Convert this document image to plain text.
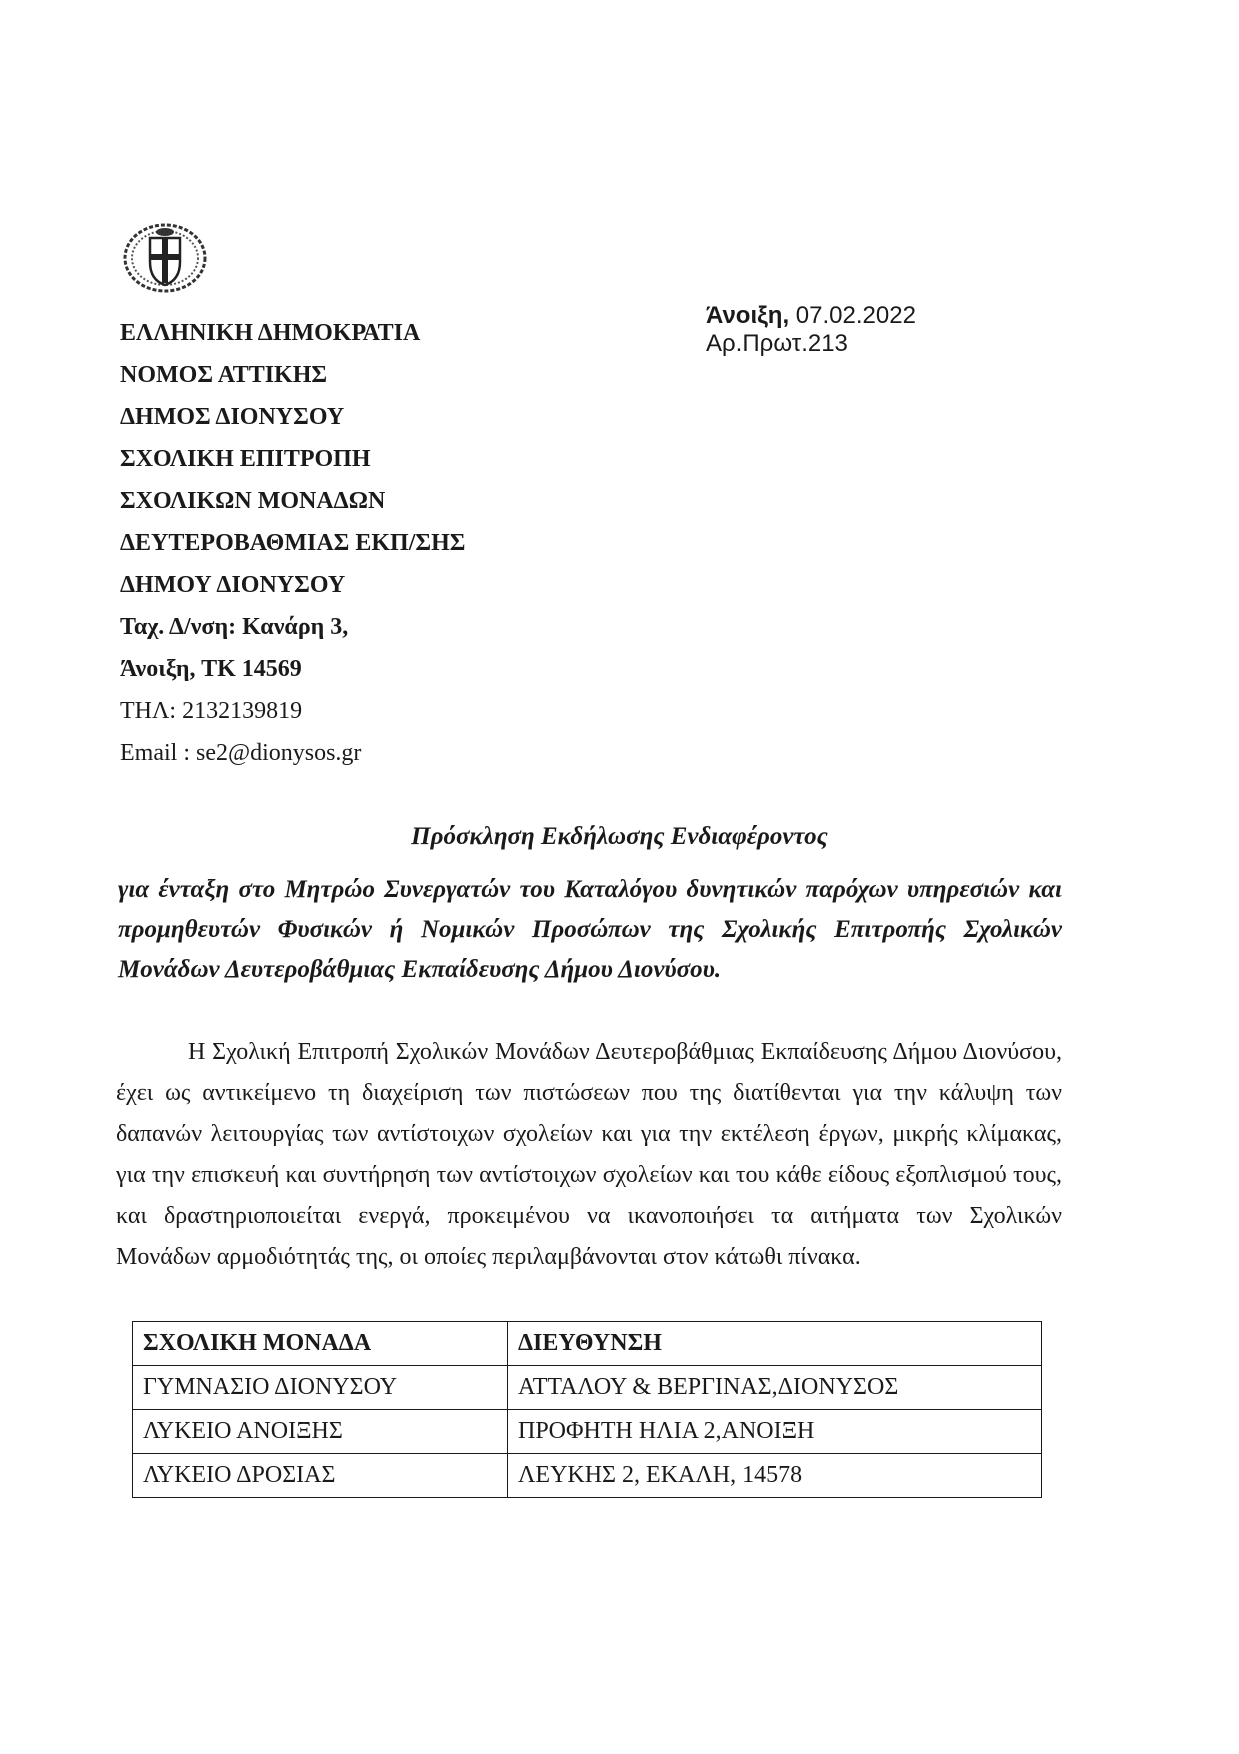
ΕΛΛΗΝΙΚΗ ΔΗΜΟΚΡΑΤΙΑ
ΝΟΜΟΣ ΑΤΤΙΚΗΣ
ΔΗΜΟΣ ΔΙΟΝΥΣΟΥ
ΣΧΟΛΙΚΗ ΕΠΙΤΡΟΠΗ
ΣΧΟΛΙΚΩΝ ΜΟΝΑΔΩΝ
ΔΕΥΤΕΡΟΒΑΘΜΙΑΣ ΕΚΠ/ΣΗΣ
ΔΗΜΟΥ ΔΙΟΝΥΣΟΥ
Ταχ. Δ/νση: Κανάρη 3,
Άνοιξη, ΤΚ 14569
ΤΗΛ: 2132139819
Email : se2@dionysos.gr
Άνοιξη, 07.02.2022
Αρ.Πρωτ.213
Πρόσκληση Εκδήλωσης Ενδιαφέροντος
για ένταξη στο Μητρώο Συνεργατών του Καταλόγου δυνητικών παρόχων υπηρεσιών και προμηθευτών Φυσικών ή Νομικών Προσώπων της Σχολικής Επιτροπής Σχολικών Μονάδων Δευτεροβάθμιας Εκπαίδευσης Δήμου Διονύσου.
Η Σχολική Επιτροπή Σχολικών Μονάδων Δευτεροβάθμιας Εκπαίδευσης Δήμου Διονύσου, έχει ως αντικείμενο τη διαχείριση των πιστώσεων που της διατίθενται για την κάλυψη των δαπανών λειτουργίας των αντίστοιχων σχολείων και για την εκτέλεση έργων, μικρής κλίμακας, για την επισκευή και συντήρηση των αντίστοιχων σχολείων και του κάθε είδους εξοπλισμού τους, και δραστηριοποιείται ενεργά, προκειμένου να ικανοποιήσει τα αιτήματα των Σχολικών Μονάδων αρμοδιότητάς της, οι οποίες περιλαμβάνονται στον κάτωθι πίνακα.
ΣΧΟΛΙΚΗ ΜΟΝΑΔΑ	ΔΙΕΥΘΥΝΣΗ
ΓΥΜΝΑΣΙΟ ΔΙΟΝΥΣΟΥ	ΑΤΤΑΛΟΥ & ΒΕΡΓΙΝΑΣ,ΔΙΟΝΥΣΟΣ
ΛΥΚΕΙΟ ΑΝΟΙΞΗΣ	ΠΡΟΦΗΤΗ ΗΛΙΑ 2,ΑΝΟΙΞΗ
ΛΥΚΕΙΟ ΔΡΟΣΙΑΣ	ΛΕΥΚΗΣ 2, ΕΚΑΛΗ, 14578
